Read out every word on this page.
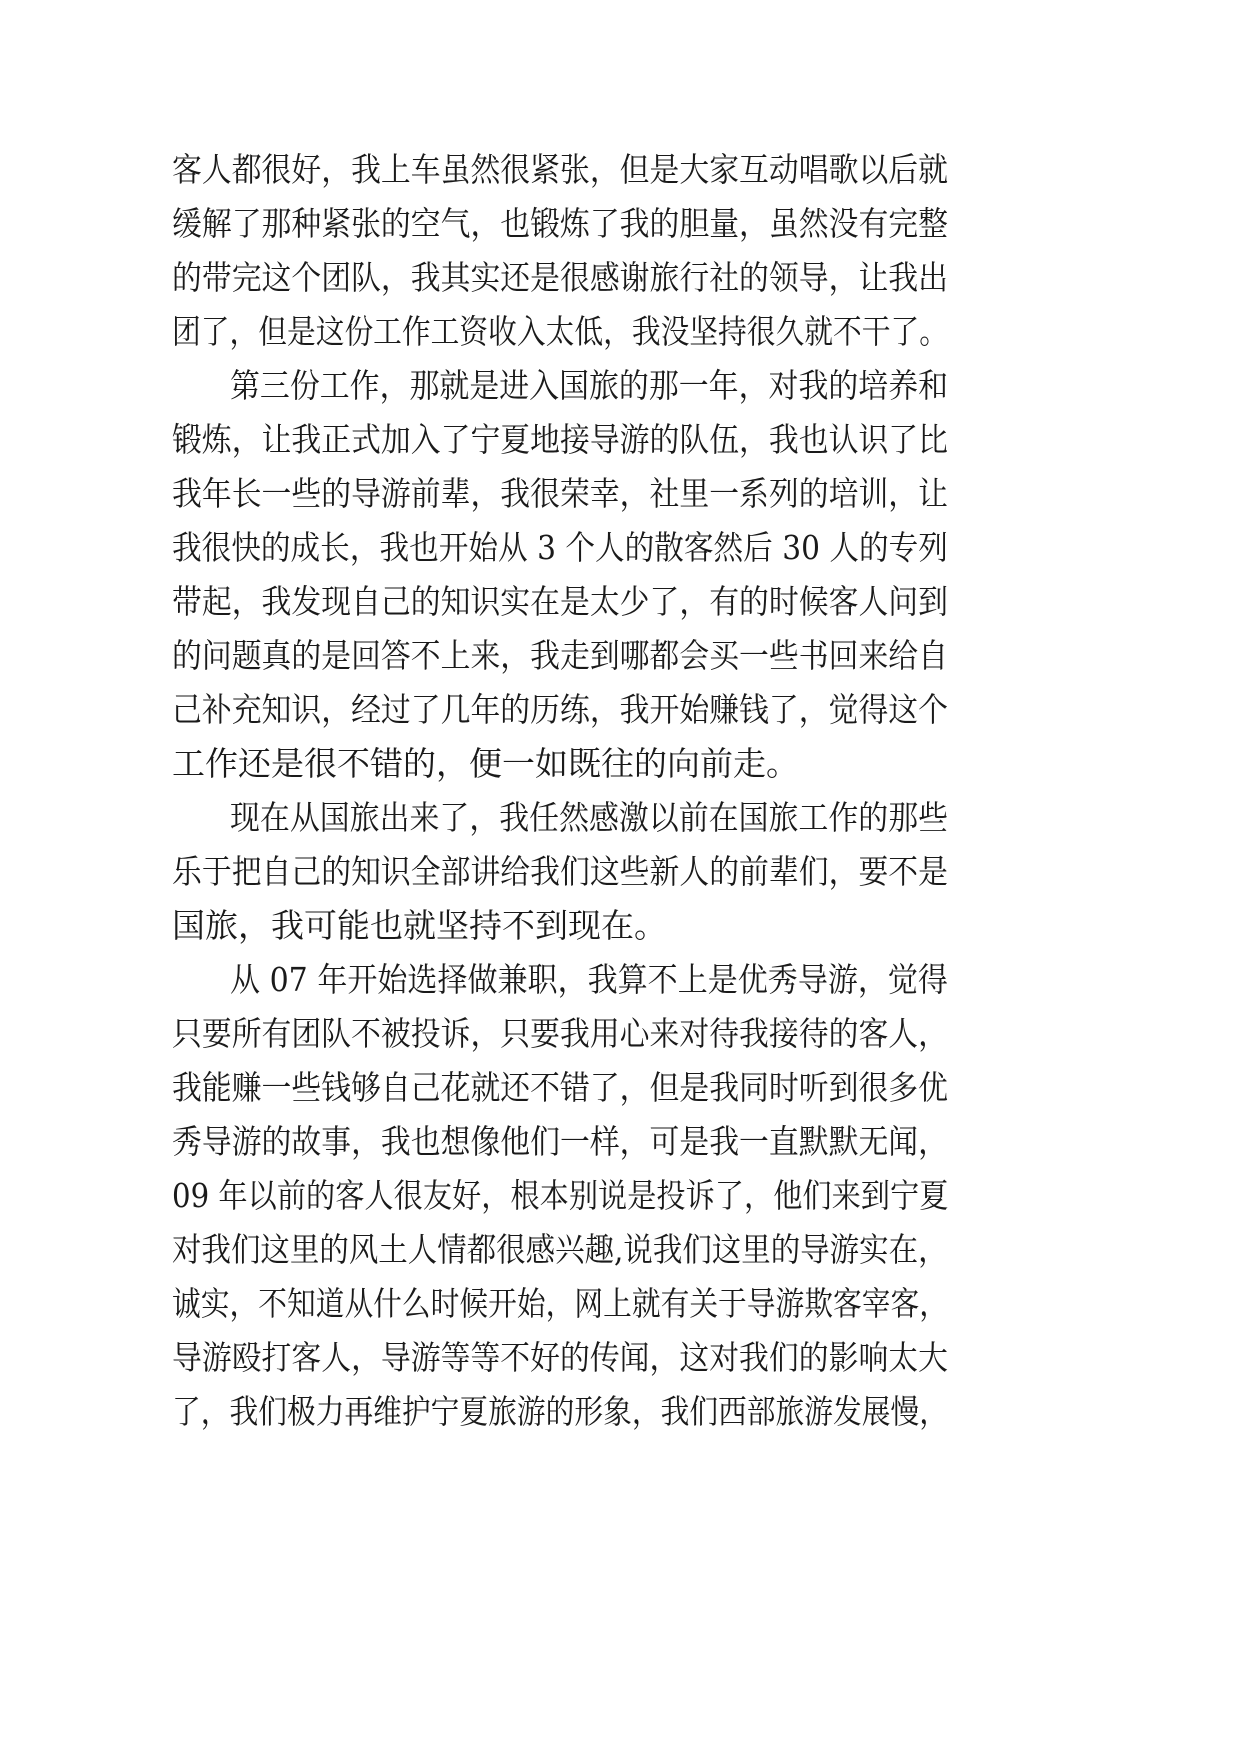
客人都很好，我上车虽然很紧张，但是大家互动唱歌以后就
缓解了那种紧张的空气，也锻炼了我的胆量，虽然没有完整
的带完这个团队，我其实还是很感谢旅行社的领导，让我出
团了，但是这份工作工资收入太低，我没坚持很久就不干了。
第三份工作，那就是进入国旅的那一年，对我的培养和
锻炼，让我正式加入了宁夏地接导游的队伍，我也认识了比
我年长一些的导游前辈，我很荣幸，社里一系列的培训，让
我很快的成长，我也开始从 3 个人的散客然后 30 人的专列
带起，我发现自己的知识实在是太少了，有的时候客人问到
的问题真的是回答不上来，我走到哪都会买一些书回来给自
己补充知识，经过了几年的历练，我开始赚钱了，觉得这个
工作还是很不错的，便一如既往的向前走。
现在从国旅出来了，我任然感激以前在国旅工作的那些
乐于把自己的知识全部讲给我们这些新人的前辈们，要不是
国旅，我可能也就坚持不到现在。
从 07 年开始选择做兼职，我算不上是优秀导游，觉得
只要所有团队不被投诉，只要我用心来对待我接待的客人，
我能赚一些钱够自己花就还不错了，但是我同时听到很多优
秀导游的故事，我也想像他们一样，可是我一直默默无闻，
09 年以前的客人很友好，根本别说是投诉了，他们来到宁夏
对我们这里的风土人情都很感兴趣,说我们这里的导游实在，
诚实，不知道从什么时候开始，网上就有关于导游欺客宰客，
导游殴打客人，导游等等不好的传闻，这对我们的影响太大
了，我们极力再维护宁夏旅游的形象，我们西部旅游发展慢，
